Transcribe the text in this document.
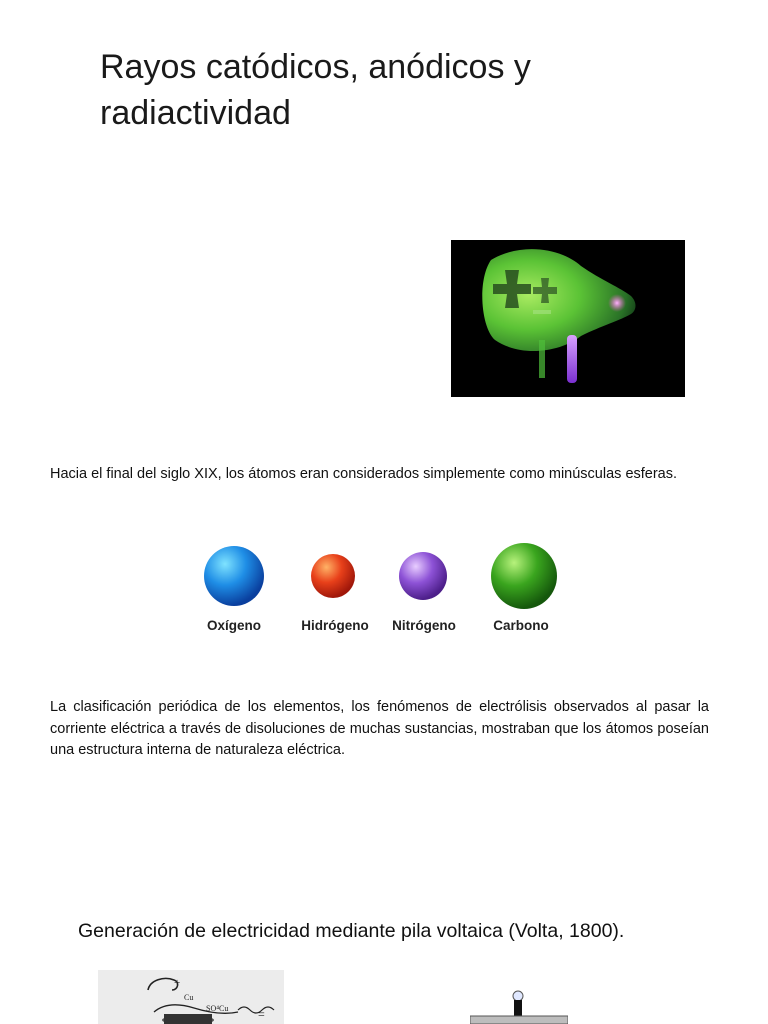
Rayos catódicos, anódicos y radiactividad

Hacia el final del siglo XIX, los átomos eran considerados simplemente como minúsculas esferas.

Oxígeno	Hidrógeno Nitrógeno	Carbono

La clasificación periódica de los elementos, los fenómenos de electrólisis observados al pasar la corriente eléctrica a través de disoluciones de muchas sustancias, mostraban que los átomos poseían una estructura interna de naturaleza eléctrica.

Generación de electricidad mediante pila voltaica (Volta, 1800).

+
Cu
SO⁴Cu =
